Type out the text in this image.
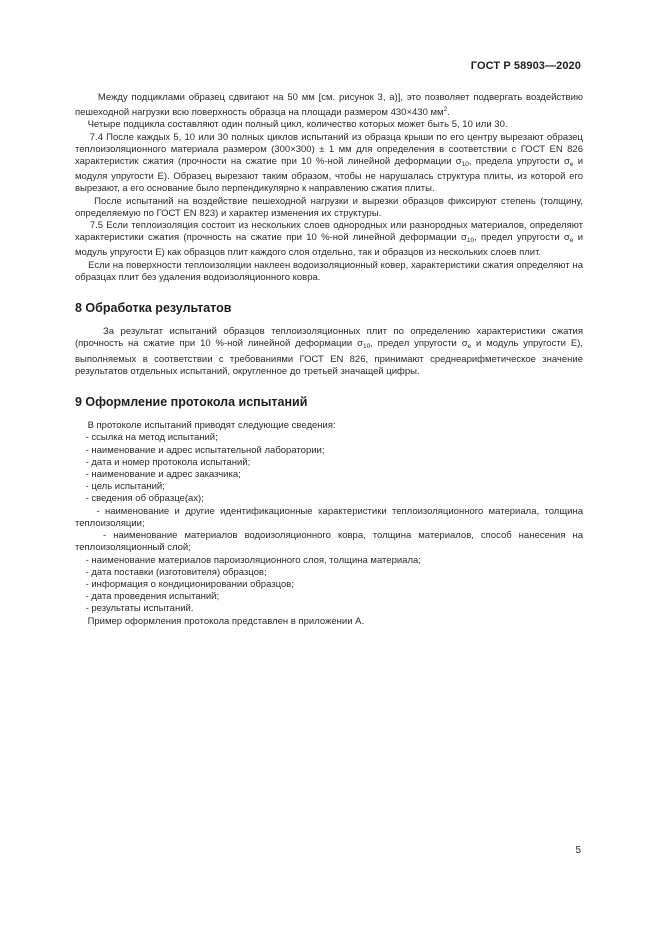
ГОСТ Р 58903—2020

Между подциклами образец сдвигают на 50 мм [см. рисунок 3, а)], это позволяет подвергать воздействию пешеходной нагрузки всю поверхность образца на площади размером 430×430 $мм^2$.

Четыре подцикла составляют один полный цикл, количество которых может быть 5, 10 или 30.

7.4 После каждых 5, 10 или 30 полных циклов испытаний из образца крыши по его центру вырезают образец теплоизоляционного материала размером (300×300) ± 1 мм для определения в соответствии с ГОСТ EN 826 характеристик сжатия (прочности на сжатие при 10 %-ной линейной деформации $\sigma_{10}$, предела упругости $\sigma_e$ и модуля упругости E). Образец вырезают таким образом, чтобы не нарушалась структура плиты, из которой его вырезают, а его основание было перпендикулярно к направлению сжатия плиты.

После испытаний на воздействие пешеходной нагрузки и вырезки образцов фиксируют степень (толщину, определяемую по ГОСТ EN 823) и характер изменения их структуры.

7.5 Если теплоизоляция состоит из нескольких слоев однородных или разнородных материалов, определяют характеристики сжатия (прочность на сжатие при 10 %-ной линейной деформации $\sigma_{10}$, предел упругости $\sigma_e$ и модуль упругости E) как образцов плит каждого слоя отдельно, так и образцов из нескольких слоев плит.

Если на поверхности теплоизоляции наклеен водоизоляционный ковер, характеристики сжатия определяют на образцах плит без удаления водоизоляционного ковра.

8 Обработка результатов

За результат испытаний образцов теплоизоляционных плит по определению характеристики сжатия (прочность на сжатие при 10 %-ной линейной деформации $\sigma_{10}$, предел упругости $\sigma_e$ и модуль упругости E), выполняемых в соответствии с требованиями ГОСТ EN 826, принимают среднеарифметическое значение результатов отдельных испытаний, округленное до третьей значащей цифры.

9 Оформление протокола испытаний

В протоколе испытаний приводят следующие сведения:

- ссылка на метод испытаний;
- наименование и адрес испытательной лаборатории;
- дата и номер протокола испытаний;
- наименование и адрес заказчика;
- цель испытаний;
- сведения об образце(ах);
- наименование и другие идентификационные характеристики теплоизоляционного материала, толщина теплоизоляции;
- наименование материалов водоизоляционного ковра, толщина материалов, способ нанесения на теплоизоляционный слой;
- наименование материалов пароизоляционного слоя, толщина материала;
- дата поставки (изготовителя) образцов;
- информация о кондиционировании образцов;
- дата проведения испытаний;
- результаты испытаний.

Пример оформления протокола представлен в приложении А.

5
